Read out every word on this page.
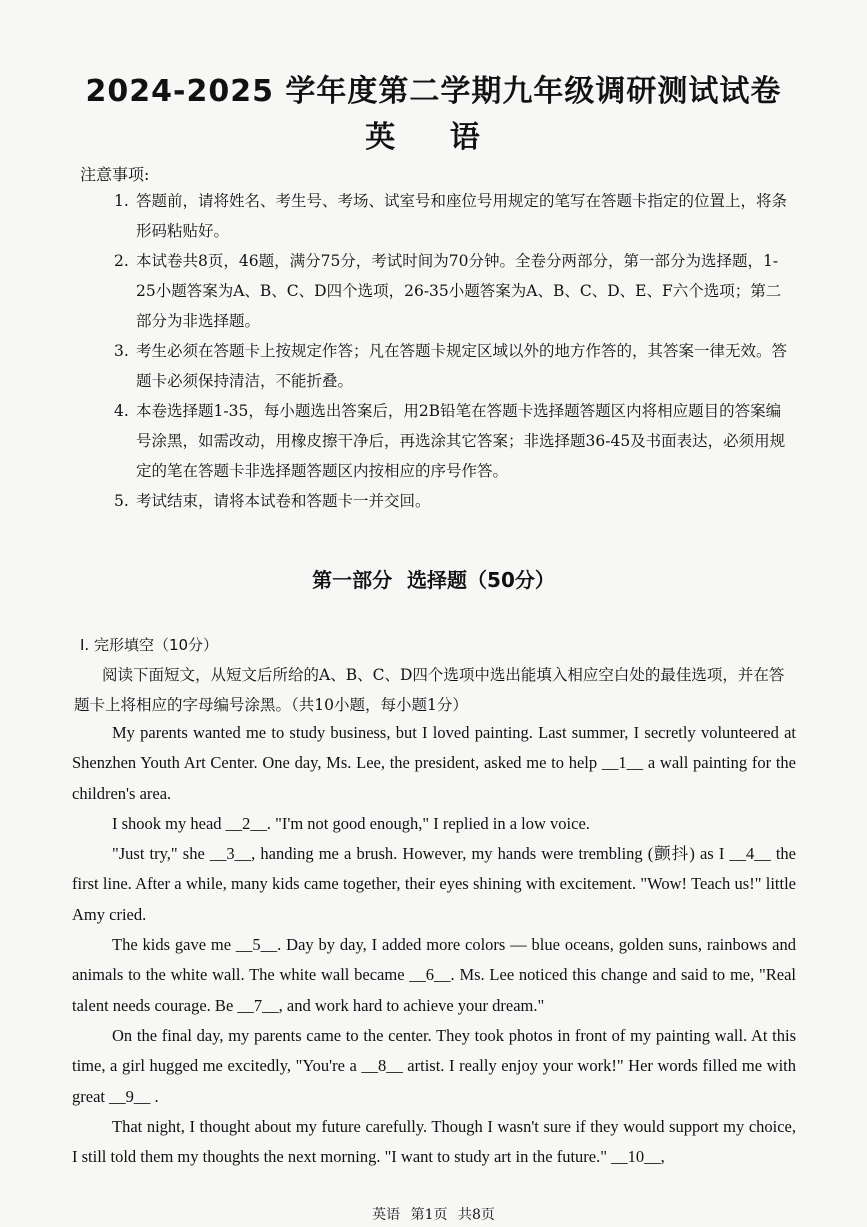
2024-2025 学年度第二学期九年级调研测试试卷
英 语
注意事项:
1. 答题前，请将姓名、考生号、考场、试室号和座位号用规定的笔写在答题卡指定的位置上，将条形码粘贴好。
2. 本试卷共8页，46题，满分75分，考试时间为70分钟。全卷分两部分，第一部分为选择题，1-25小题答案为A、B、C、D四个选项，26-35小题答案为A、B、C、D、E、F六个选项；第二部分为非选择题。
3. 考生必须在答题卡上按规定作答；凡在答题卡规定区域以外的地方作答的，其答案一律无效。答题卡必须保持清洁，不能折叠。
4. 本卷选择题1-35，每小题选出答案后，用2B铅笔在答题卡选择题答题区内将相应题目的答案编号涂黑，如需改动，用橡皮擦干净后，再选涂其它答案；非选择题36-45及书面表达，必须用规定的笔在答题卡非选择题答题区内按相应的序号作答。
5. 考试结束，请将本试卷和答题卡一并交回。
第一部分 选择题（50分）
I. 完形填空（10分）
阅读下面短文，从短文后所给的A、B、C、D四个选项中选出能填入相应空白处的最佳选项，并在答题卡上将相应的字母编号涂黑。（共10小题，每小题1分）

My parents wanted me to study business, but I loved painting. Last summer, I secretly volunteered at Shenzhen Youth Art Center. One day, Ms. Lee, the president, asked me to help __1__ a wall painting for the children's area.

I shook my head __2__. "I'm not good enough," I replied in a low voice.

"Just try," she __3__, handing me a brush. However, my hands were trembling (颤抖) as I __4__ the first line. After a while, many kids came together, their eyes shining with excitement. "Wow! Teach us!" little Amy cried.

The kids gave me __5__. Day by day, I added more colors — blue oceans, golden suns, rainbows and animals to the white wall. The white wall became __6__. Ms. Lee noticed this change and said to me, "Real talent needs courage. Be __7__, and work hard to achieve your dream."

On the final day, my parents came to the center. They took photos in front of my painting wall. At this time, a girl hugged me excitedly, "You're a __8__ artist. I really enjoy your work!" Her words filled me with great __9__ .

That night, I thought about my future carefully. Though I wasn't sure if they would support my choice, I still told them my thoughts the next morning. "I want to study art in the future." __10__,

英语 第1页 共8页
